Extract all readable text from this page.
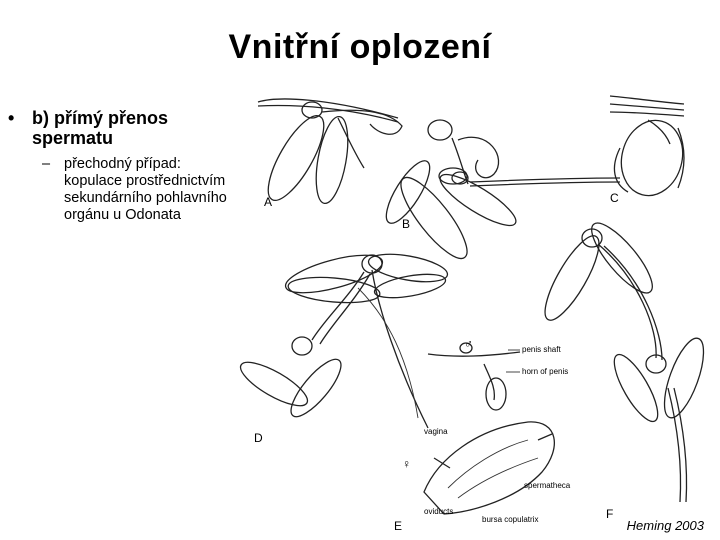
Vnitřní oplození
• b) přímý přenos spermatu
– přechodný případ: kopulace prostřednictvím sekundárního pohlavního orgánu u Odonata
A
B
C
D
E
F
♂
♀
penis shaft
horn of penis
vagina
spermatheca
oviducts
bursa copulatrix	Heming 2003
